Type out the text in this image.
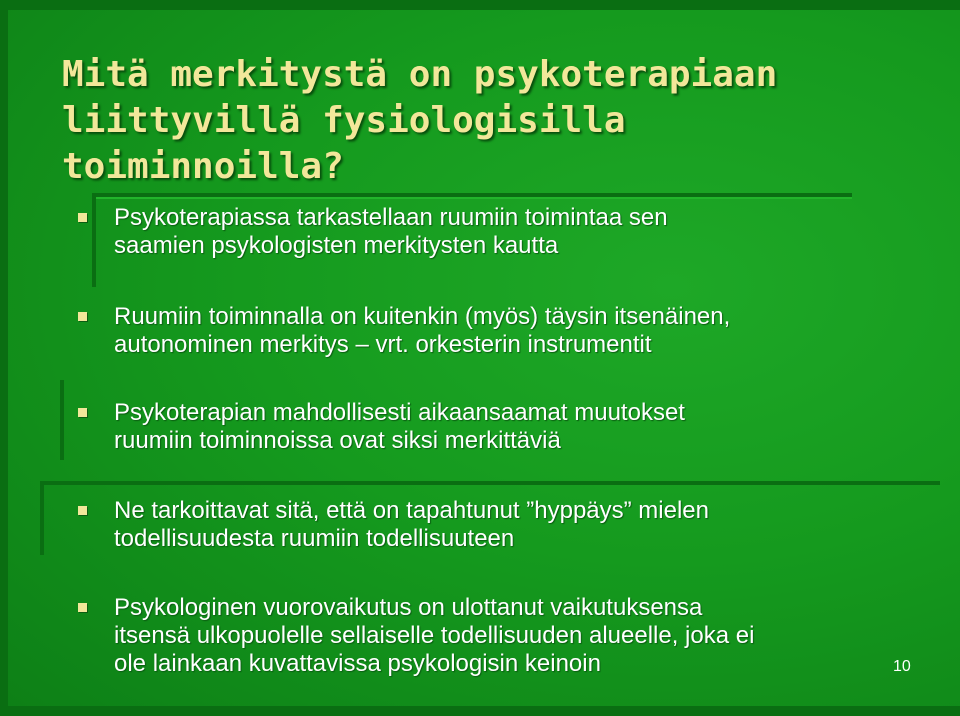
Mitä merkitystä on psykoterapiaan
liittyvillä fysiologisilla toiminnoilla?
Psykoterapiassa tarkastellaan ruumiin toimintaa sen
saamien psykologisten merkitysten kautta
Ruumiin toiminnalla on kuitenkin (myös) täysin itsenäinen,
autonominen merkitys – vrt. orkesterin instrumentit
Psykoterapian mahdollisesti aikaansaamat muutokset
ruumiin toiminnoissa ovat siksi merkittäviä
Ne tarkoittavat sitä, että on tapahtunut ”hyppäys” mielen
todellisuudesta ruumiin todellisuuteen
Psykologinen vuorovaikutus on ulottanut vaikutuksensa
itsensä ulkopuolelle sellaiselle todellisuuden alueelle, joka ei
ole lainkaan kuvattavissa psykologisin keinoin	10
